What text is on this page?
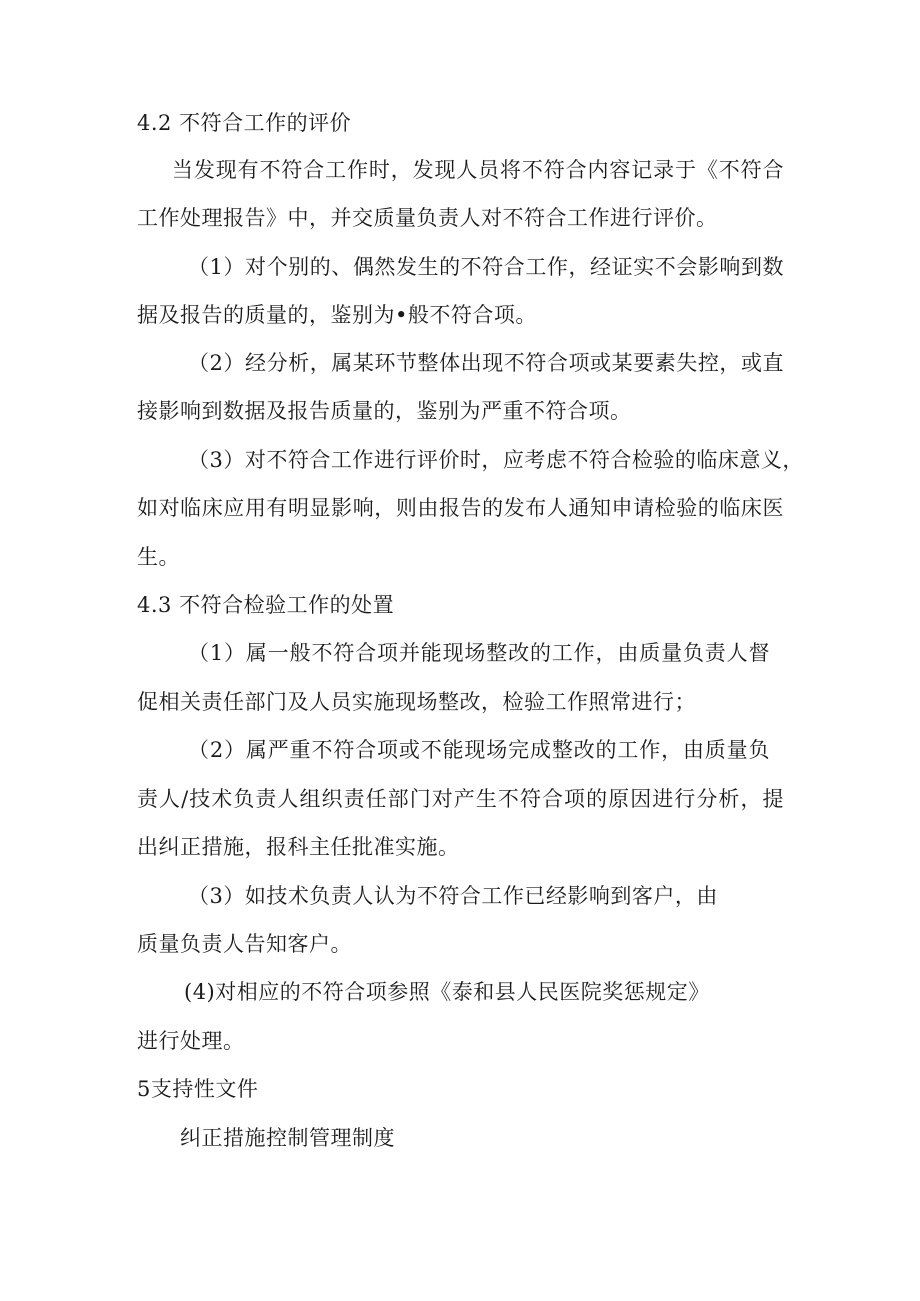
4.2 不符合工作的评价
当发现有不符合工作时，发现人员将不符合内容记录于《不符合
工作处理报告》中，并交质量负责人对不符合工作进行评价。
（1）对个别的、偶然发生的不符合工作，经证实不会影响到数
据及报告的质量的，鉴别为•般不符合项。
（2）经分析，属某环节整体出现不符合项或某要素失控，或直
接影响到数据及报告质量的，鉴别为严重不符合项。
（3）对不符合工作进行评价时，应考虑不符合检验的临床意义，
如对临床应用有明显影响，则由报告的发布人通知申请检验的临床医
生。
4.3 不符合检验工作的处置
（1）属一般不符合项并能现场整改的工作，由质量负责人督
促相关责任部门及人员实施现场整改，检验工作照常进行；
（2）属严重不符合项或不能现场完成整改的工作，由质量负
责人/技术负责人组织责任部门对产生不符合项的原因进行分析，提
出纠正措施，报科主任批准实施。
（3）如技术负责人认为不符合工作已经影响到客户，由
质量负责人告知客户。
(4)对相应的不符合项参照《泰和县人民医院奖惩规定》
进行处理。
5支持性文件
纠正措施控制管理制度
